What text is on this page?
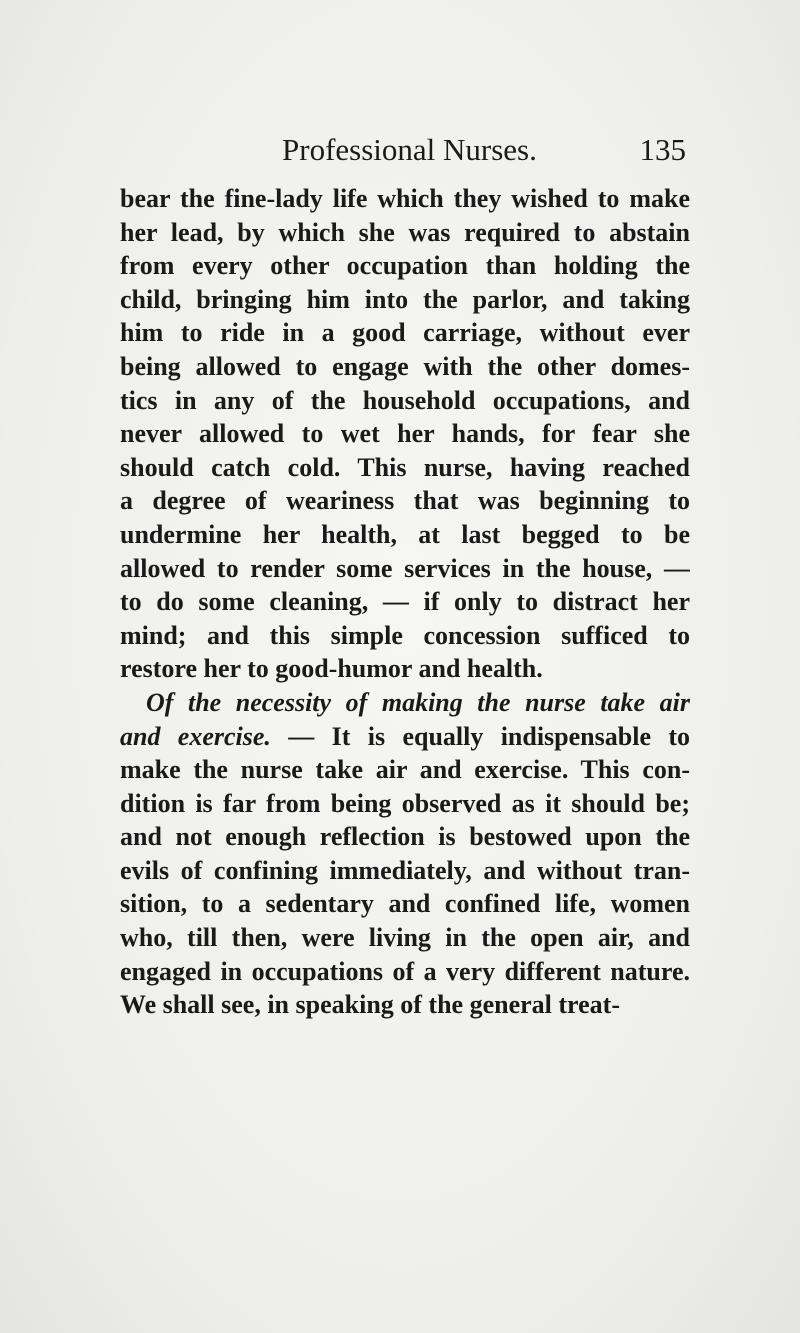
Professional Nurses.	135
bear the fine-lady life which they wished to make
her lead, by which she was required to abstain
from every other occupation than holding the
child, bringing him into the parlor, and taking
him to ride in a good carriage, without ever
being allowed to engage with the other domes-
tics in any of the household occupations, and
never allowed to wet her hands, for fear she
should catch cold. This nurse, having reached
a degree of weariness that was beginning to
undermine her health, at last begged to be
allowed to render some services in the house, —
to do some cleaning, — if only to distract her
mind; and this simple concession sufficed to
restore her to good-humor and health.
Of the necessity of making the nurse take air
and exercise. — It is equally indispensable to
make the nurse take air and exercise. This con-
dition is far from being observed as it should be;
and not enough reflection is bestowed upon the
evils of confining immediately, and without tran-
sition, to a sedentary and confined life, women
who, till then, were living in the open air, and
engaged in occupations of a very different nature.
We shall see, in speaking of the general treat-
